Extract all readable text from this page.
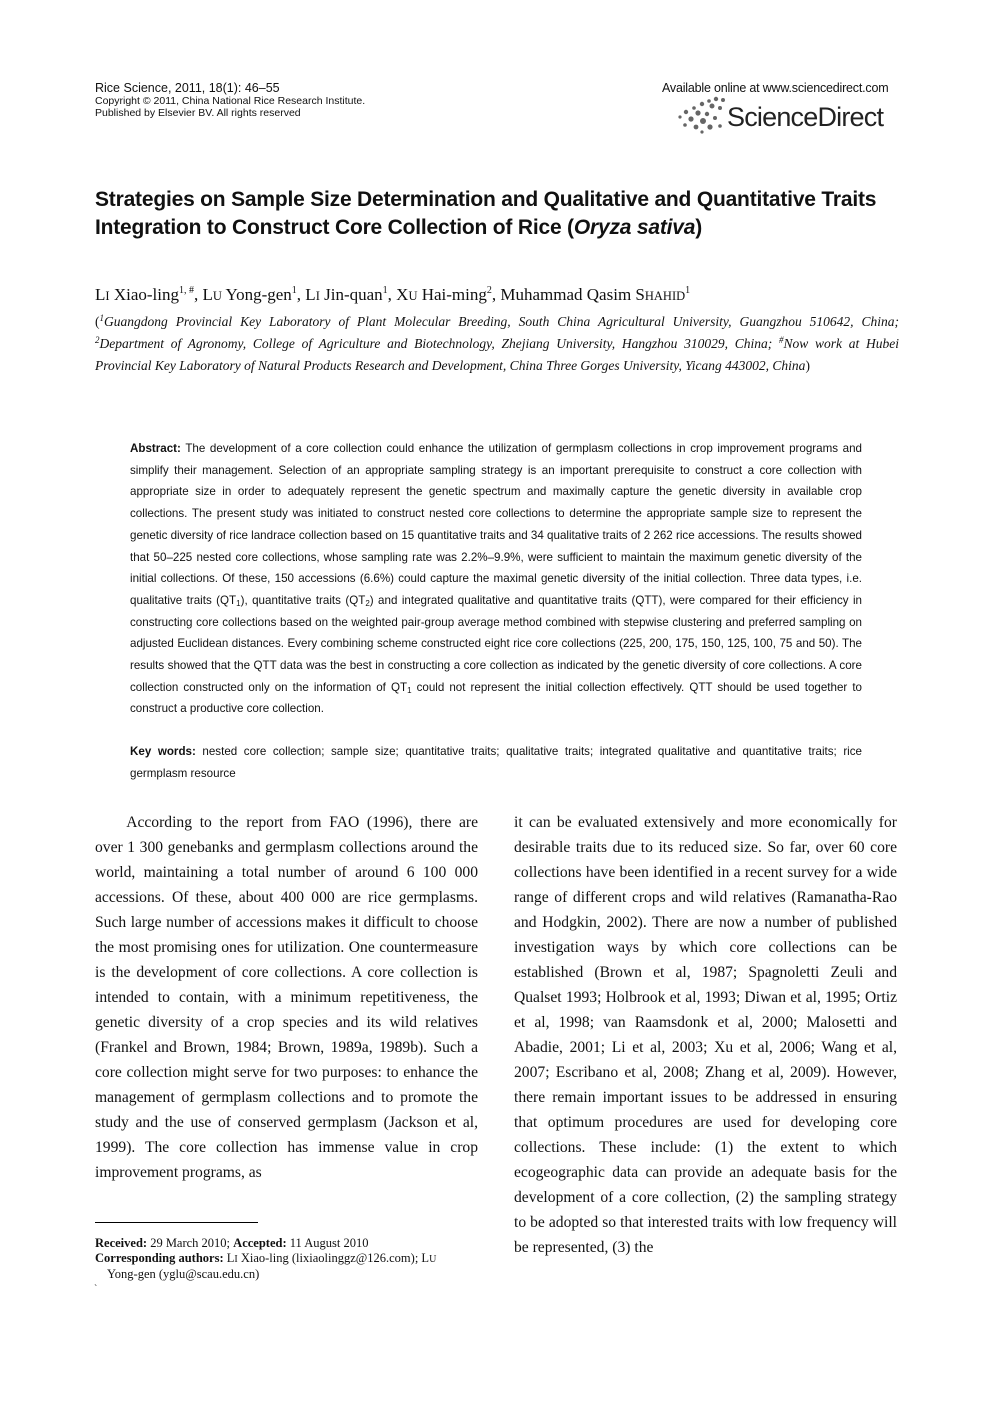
Rice Science, 2011, 18(1): 46–55
Copyright © 2011, China National Rice Research Institute.
Published by Elsevier BV. All rights reserved
Available online at www.sciencedirect.com
ScienceDirect
Strategies on Sample Size Determination and Qualitative and Quantitative Traits Integration to Construct Core Collection of Rice (Oryza sativa)
LI Xiao-ling$^{1, \#}$, LU Yong-gen$^1$, LI Jin-quan$^1$, XU Hai-ming$^2$, Muhammad Qasim SHAHID$^1$
($^1$Guangdong Provincial Key Laboratory of Plant Molecular Breeding, South China Agricultural University, Guangzhou 510642, China; $^2$Department of Agronomy, College of Agriculture and Biotechnology, Zhejiang University, Hangzhou 310029, China; #Now work at Hubei Provincial Key Laboratory of Natural Products Research and Development, China Three Gorges University, Yicang 443002, China)
Abstract: The development of a core collection could enhance the utilization of germplasm collections in crop improvement programs and simplify their management. Selection of an appropriate sampling strategy is an important prerequisite to construct a core collection with appropriate size in order to adequately represent the genetic spectrum and maximally capture the genetic diversity in available crop collections. The present study was initiated to construct nested core collections to determine the appropriate sample size to represent the genetic diversity of rice landrace collection based on 15 quantitative traits and 34 qualitative traits of 2 262 rice accessions. The results showed that 50–225 nested core collections, whose sampling rate was 2.2%–9.9%, were sufficient to maintain the maximum genetic diversity of the initial collections. Of these, 150 accessions (6.6%) could capture the maximal genetic diversity of the initial collection. Three data types, i.e. qualitative traits $(QT_1)$, quantitative traits $(QT_2)$ and integrated qualitative and quantitative traits (QTT), were compared for their efficiency in constructing core collections based on the weighted pair-group average method combined with stepwise clustering and preferred sampling on adjusted Euclidean distances. Every combining scheme constructed eight rice core collections (225, 200, 175, 150, 125, 100, 75 and 50). The results showed that the QTT data was the best in constructing a core collection as indicated by the genetic diversity of core collections. A core collection constructed only on the information of $QT_1$ could not represent the initial collection effectively. QTT should be used together to construct a productive core collection.
Key words: nested core collection; sample size; quantitative traits; qualitative traits; integrated qualitative and quantitative traits; rice germplasm resource

According to the report from FAO (1996), there are over 1 300 genebanks and germplasm collections around the world, maintaining a total number of around 6 100 000 accessions. Of these, about 400 000 are rice germplasms. Such large number of accessions makes it difficult to choose the most promising ones for utilization. One countermeasure is the development of core collections. A core collection is intended to contain, with a minimum repetitiveness, the genetic diversity of a crop species and its wild relatives (Frankel and Brown, 1984; Brown, 1989a, 1989b). Such a core collection might serve for two purposes: to enhance the management of germplasm collections and to promote the study and the use of conserved germplasm (Jackson et al, 1999). The core collection has immense value in crop improvement programs, as

it can be evaluated extensively and more economically for desirable traits due to its reduced size. So far, over 60 core collections have been identified in a recent survey for a wide range of different crops and wild relatives (Ramanatha-Rao and Hodgkin, 2002). There are now a number of published investigation ways by which core collections can be established (Brown et al, 1987; Spagnoletti Zeuli and Qualset 1993; Holbrook et al, 1993; Diwan et al, 1995; Ortiz et al, 1998; van Raamsdonk et al, 2000; Malosetti and Abadie, 2001; Li et al, 2003; Xu et al, 2006; Wang et al, 2007; Escribano et al, 2008; Zhang et al, 2009). However, there remain important issues to be addressed in ensuring that optimum procedures are used for developing core collections. These include: (1) the extent to which ecogeographic data can provide an adequate basis for the development of a core collection, (2) the sampling strategy to be adopted so that interested traits with low frequency will be represented, (3) the

Received: 29 March 2010; Accepted: 11 August 2010
Corresponding authors: LI Xiao-ling (lixiaolinggz@126.com); LU
Yong-gen (yglu@scau.edu.cn)
`
